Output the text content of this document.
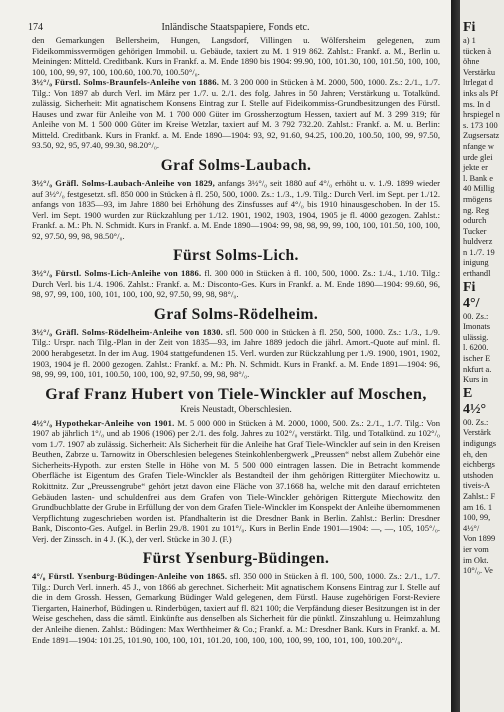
174	Inländische Staatspapiere, Fonds etc.

den Gemarkungen Bellersheim, Hungen, Langsdorf, Villingen u. Wölfersheim gelegenen, zum Fideikommissvermögen gehörigen Immobil. u. Gebäude, taxiert zu M. 1 919 862. Zahlst.: Frankf. a. M., Berlin u. Meiningen: Mitteld. Creditbank. Kurs in Frankf. a. M. Ende 1890 bis 1904: 99.90, 100, 101.30, 100, 101.50, 100, 100, 100, 100, 99, 97, 100, 100.60, 100.70, 100.50°/₀.

3½°/₀ Fürstl. Solms-Braunfels-Anleihe von 1886. M. 3 200 000 in Stücken à M. 2000, 500, 1000. Zs.: 2./1., 1./7. Tilg.: Von 1897 ab durch Verl. im März per 1./7. u. 2./1. des folg. Jahres in 50 Jahren; Verstärkung u. Totalkünd. zulässig. Sicherheit: Mit agnatischem Konsens Eintrag zur I. Stelle auf Fideikommiss-Grundbesitzungen des Fürstl. Hauses und zwar für Anleihe von M. 1 700 000 Güter im Grossherzogtum Hessen, taxiert auf M. 3 299 319; für Anleihe von M. 1 500 000 Güter im Kreise Wetzlar, taxiert auf M. 3 792 732.20. Zahlst.: Frankf. a. M. u. Berlin: Mitteld. Creditbank. Kurs in Frankf. a. M. Ende 1890—1904: 93, 92, 91.60, 94.25, 100.20, 100.50, 100, 99, 97.50, 93.50, 92, 95, 97.40, 99.30, 98.20°/₀.

Graf Solms-Laubach.

3½°/₀ Gräfl. Solms-Laubach-Anleihe von 1829, anfangs 3½°/₀ seit 1880 auf 4°/₀ erhöht u. v. 1./9. 1899 wieder auf 3½°/₀ festgesetzt. sfl. 850 000 in Stücken à fl. 250, 500, 1000. Zs.: 1./3., 1./9. Tilg.: Durch Verl. im Sept. per 1./12. anfangs von 1835—93, im Jahre 1880 bei Erhöhung des Zinsfusses auf 4°/₀ bis 1910 hinausgeschoben. In der 15. Verl. im Sept. 1900 wurden zur Rückzahlung per 1./12. 1901, 1902, 1903, 1904, 1905 je fl. 4000 gezogen. Zahlst.: Frankf. a. M.: Ph. N. Schmidt. Kurs in Frankf. a. M. Ende 1890—1904: 99, 98, 98, 99, 99, 100, 100, 101.50, 100, 100, 92, 97.50, 99, 98, 98.50°/₀.

Fürst Solms-Lich.

3½°/₀ Fürstl. Solms-Lich-Anleihe von 1886. fl. 300 000 in Stücken à fl. 100, 500, 1000. Zs.: 1./4., 1./10. Tilg.: Durch Verl. bis 1./4. 1906. Zahlst.: Frankf. a. M.: Disconto-Ges. Kurs in Frankf. a. M. Ende 1890—1904: 99.60, 96, 98, 97, 99, 100, 100, 101, 100, 100, 92, 97.50, 99, 98, 98°/₀.

Graf Solms-Rödelheim.

3½°/₀ Gräfl. Solms-Rödelheim-Anleihe von 1830. sfl. 500 000 in Stücken à fl. 250, 500, 1000. Zs.: 1./3., 1./9. Tilg.: Urspr. nach Tilg.-Plan in der Zeit von 1835—93, im Jahre 1889 jedoch die jährl. Amort.-Quote auf minl. fl. 2000 herabgesetzt. In der im Aug. 1904 stattgefundenen 15. Verl. wurden zur Rückzahlung per 1./9. 1900, 1901, 1902, 1903, 1904 je fl. 2000 gezogen. Zahlst.: Frankf. a. M.: Ph. N. Schmidt. Kurs in Frankf. a. M. Ende 1891—1904: 96, 98, 99, 99, 100, 101, 100.50, 100, 100, 92, 97.50, 99, 98, 98°/₀.

Graf Franz Hubert von Tiele-Winckler auf Moschen,
Kreis Neustadt, Oberschlesien.

4½°/₀ Hypothekar-Anleihe von 1901. M. 5 000 000 in Stücken à M. 2000, 1000, 500. Zs.: 2./1., 1./7. Tilg.: Von 1907 ab jährlich 1°/₀ und ab 1906 (1906) per 2./1. des folg. Jahres zu 102°/₀ verstärkt. Tilg. und Totalkünd. zu 102°/₀ vom 1./7. 1907 ab zulässig. Sicherheit: Als Sicherheit für die Anleihe hat Graf Tiele-Winckler auf sein in den Kreisen Beuthen, Zabrze u. Tarnowitz in Oberschlesien belegenes Steinkohlenbergwerk „Preussen“ nebst allem Zubehör eine Sicherheits-Hypoth. zur ersten Stelle in Höhe von M. 5 500 000 eintragen lassen. Die in Betracht kommende Oberfläche ist Eigentum des Grafen Tiele-Winckler als Bestandteil der ihm gehörigen Rittergüter Miechowitz u. Rokittnitz. Zur „Preussengrube“ gehört jetzt davon eine Fläche von 37.1668 ha, welche mit den darauf errichteten Gebäuden lasten- und schuldenfrei aus dem Grafen von Tiele-Winckler gehörigen Rittergute Miechowitz den Grundbuchblatte der Grube in Erfüllung der von dem Grafen Tiele-Winckler im Konspekt der Anleihe übernommenen Verpflichtung zugeschrieben worden ist. Pfandhalterin ist die Dresdner Bank in Berlin. Zahlst.: Berlin: Dresdner Bank, Disconto-Ges. Aufgel. in Berlin 29./8. 1901 zu 101°/₀. Kurs in Berlin Ende 1901—1904: —, —, 105, 105°/₀. Verj. der Zinssch. in 4 J. (K.), der verl. Stücke in 30 J. (F.)

Fürst Ysenburg-Büdingen.

4°/₀ Fürstl. Ysenburg-Büdingen-Anleihe von 1865. sfl. 350 000 in Stücken à fl. 100, 500, 1000. Zs.: 2./1., 1./7. Tilg.: Durch Verl. innerh. 45 J., von 1866 ab gerechnet. Sicherheit: Mit agnatischem Konsens Eintrag zur I. Stelle auf die in dem Grossh. Hessen, Gemarkung Büdinger Wald gelegenen, dem Fürstl. Hause zugehörigen Forst-Reviere Tiergarten, Hainerhof, Büdingen u. Rinderbügen, taxiert auf fl. 821 100; die Verpfändung dieser Besitzungen ist in der Weise geschehen, dass die sämtl. Einkünfte aus denselben als Sicherheit für die pünktl. Zinszahlung u. Heimzahlung der Anleihe dienen. Zahlst.: Büdingen: Max Werthheimer & Co.; Frankf. a. M.: Dresdner Bank. Kurs in Frankf. a. M. Ende 1891—1904: 101.25, 101.90, 100, 100, 101, 101.20, 100, 100, 100, 100, 99, 100, 101, 100, 100.20°/₀.

Fi
a) 1
tücken à
öhne
Verstärku
ltrlegat d
inks als Pf
ms. In d
hrspiegel n
s. 173 100
Zugsersatz
nfange w
urde glei
jekte er
l. Bank e
40 Millig
rmögens
ng. Reg
odurch
Tucker
huldverz
n 1./7. 19
inigung
erthandl
Fi
4°/
00. Zs.:
Imonats
ulässig.
l. 6200.
ischer E
nkfurt a.
Kurs in
E
4½°
00. Zs.:
Verstärk
indigungs
eh, den
eichbergs
utshoden
tiveis-A
Zahlst.: F
am 16. 1
100, 99,
4½°/
Von 1899
ier vom
im Okt.
10°/₀. Ve
